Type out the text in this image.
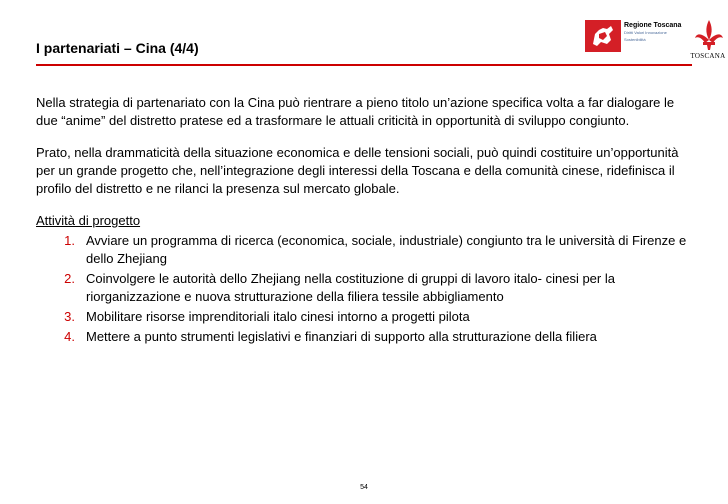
I partenariati – Cina (4/4)
Regione Toscana
Diritti Valori Innovazione Sostenibilità
TOSCANA

Nella strategia di partenariato con la Cina può rientrare a pieno titolo un’azione specifica volta a far dialogare le due “anime” del distretto pratese ed a trasformare le attuali criticità in opportunità di sviluppo congiunto.

Prato, nella drammaticità della situazione economica e delle tensioni sociali, può quindi costituire un’opportunità per un grande progetto che, nell’integrazione degli interessi della Toscana e della comunità cinese, ridefinisca il profilo del distretto e ne rilanci la presenza sul mercato globale.

Attività di progetto

1. Avviare un programma di ricerca (economica, sociale, industriale) congiunto tra le università di Firenze e dello Zhejiang
2. Coinvolgere le autorità dello Zhejiang nella costituzione di gruppi di lavoro italo- cinesi per la riorganizzazione e nuova strutturazione della filiera tessile abbigliamento
3. Mobilitare risorse imprenditoriali italo cinesi intorno a progetti pilota
4. Mettere a punto strumenti legislativi e finanziari di supporto alla strutturazione della filiera
54
